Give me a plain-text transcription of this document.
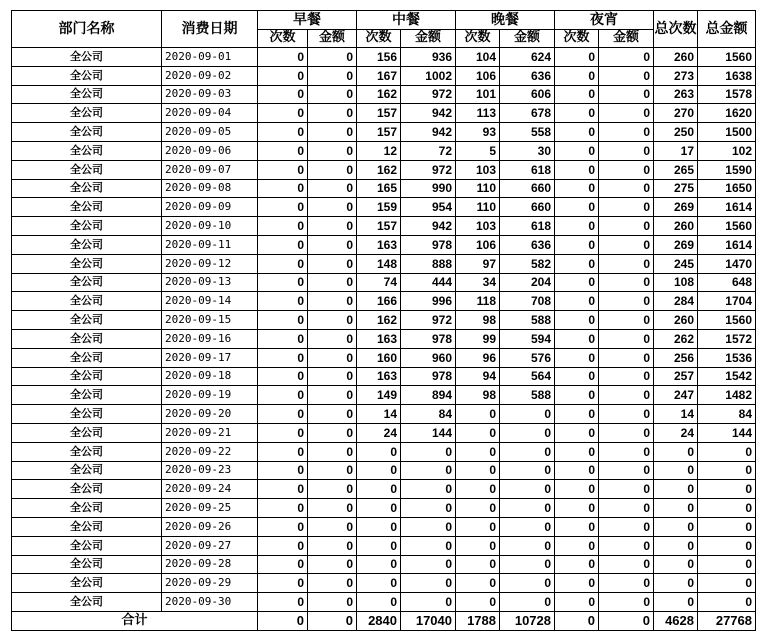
部门名称	消费日期	早餐		中餐		晚餐		夜宵		总次数	总金额
		次数	金额	次数	金额	次数	金额	次数	金额		
全公司	2020-09-01	0	0	156	936	104	624	0	0	260	1560
全公司	2020-09-02	0	0	167	1002	106	636	0	0	273	1638
全公司	2020-09-03	0	0	162	972	101	606	0	0	263	1578
全公司	2020-09-04	0	0	157	942	113	678	0	0	270	1620
全公司	2020-09-05	0	0	157	942	93	558	0	0	250	1500
全公司	2020-09-06	0	0	12	72	5	30	0	0	17	102
全公司	2020-09-07	0	0	162	972	103	618	0	0	265	1590
全公司	2020-09-08	0	0	165	990	110	660	0	0	275	1650
全公司	2020-09-09	0	0	159	954	110	660	0	0	269	1614
全公司	2020-09-10	0	0	157	942	103	618	0	0	260	1560
全公司	2020-09-11	0	0	163	978	106	636	0	0	269	1614
全公司	2020-09-12	0	0	148	888	97	582	0	0	245	1470
全公司	2020-09-13	0	0	74	444	34	204	0	0	108	648
全公司	2020-09-14	0	0	166	996	118	708	0	0	284	1704
全公司	2020-09-15	0	0	162	972	98	588	0	0	260	1560
全公司	2020-09-16	0	0	163	978	99	594	0	0	262	1572
全公司	2020-09-17	0	0	160	960	96	576	0	0	256	1536
全公司	2020-09-18	0	0	163	978	94	564	0	0	257	1542
全公司	2020-09-19	0	0	149	894	98	588	0	0	247	1482
全公司	2020-09-20	0	0	14	84	0	0	0	0	14	84
全公司	2020-09-21	0	0	24	144	0	0	0	0	24	144
全公司	2020-09-22	0	0	0	0	0	0	0	0	0	0
全公司	2020-09-23	0	0	0	0	0	0	0	0	0	0
全公司	2020-09-24	0	0	0	0	0	0	0	0	0	0
全公司	2020-09-25	0	0	0	0	0	0	0	0	0	0
全公司	2020-09-26	0	0	0	0	0	0	0	0	0	0
全公司	2020-09-27	0	0	0	0	0	0	0	0	0	0
全公司	2020-09-28	0	0	0	0	0	0	0	0	0	0
全公司	2020-09-29	0	0	0	0	0	0	0	0	0	0
全公司	2020-09-30	0	0	0	0	0	0	0	0	0	0
合计		0	0	2840	17040	1788	10728	0	0	4628	27768
